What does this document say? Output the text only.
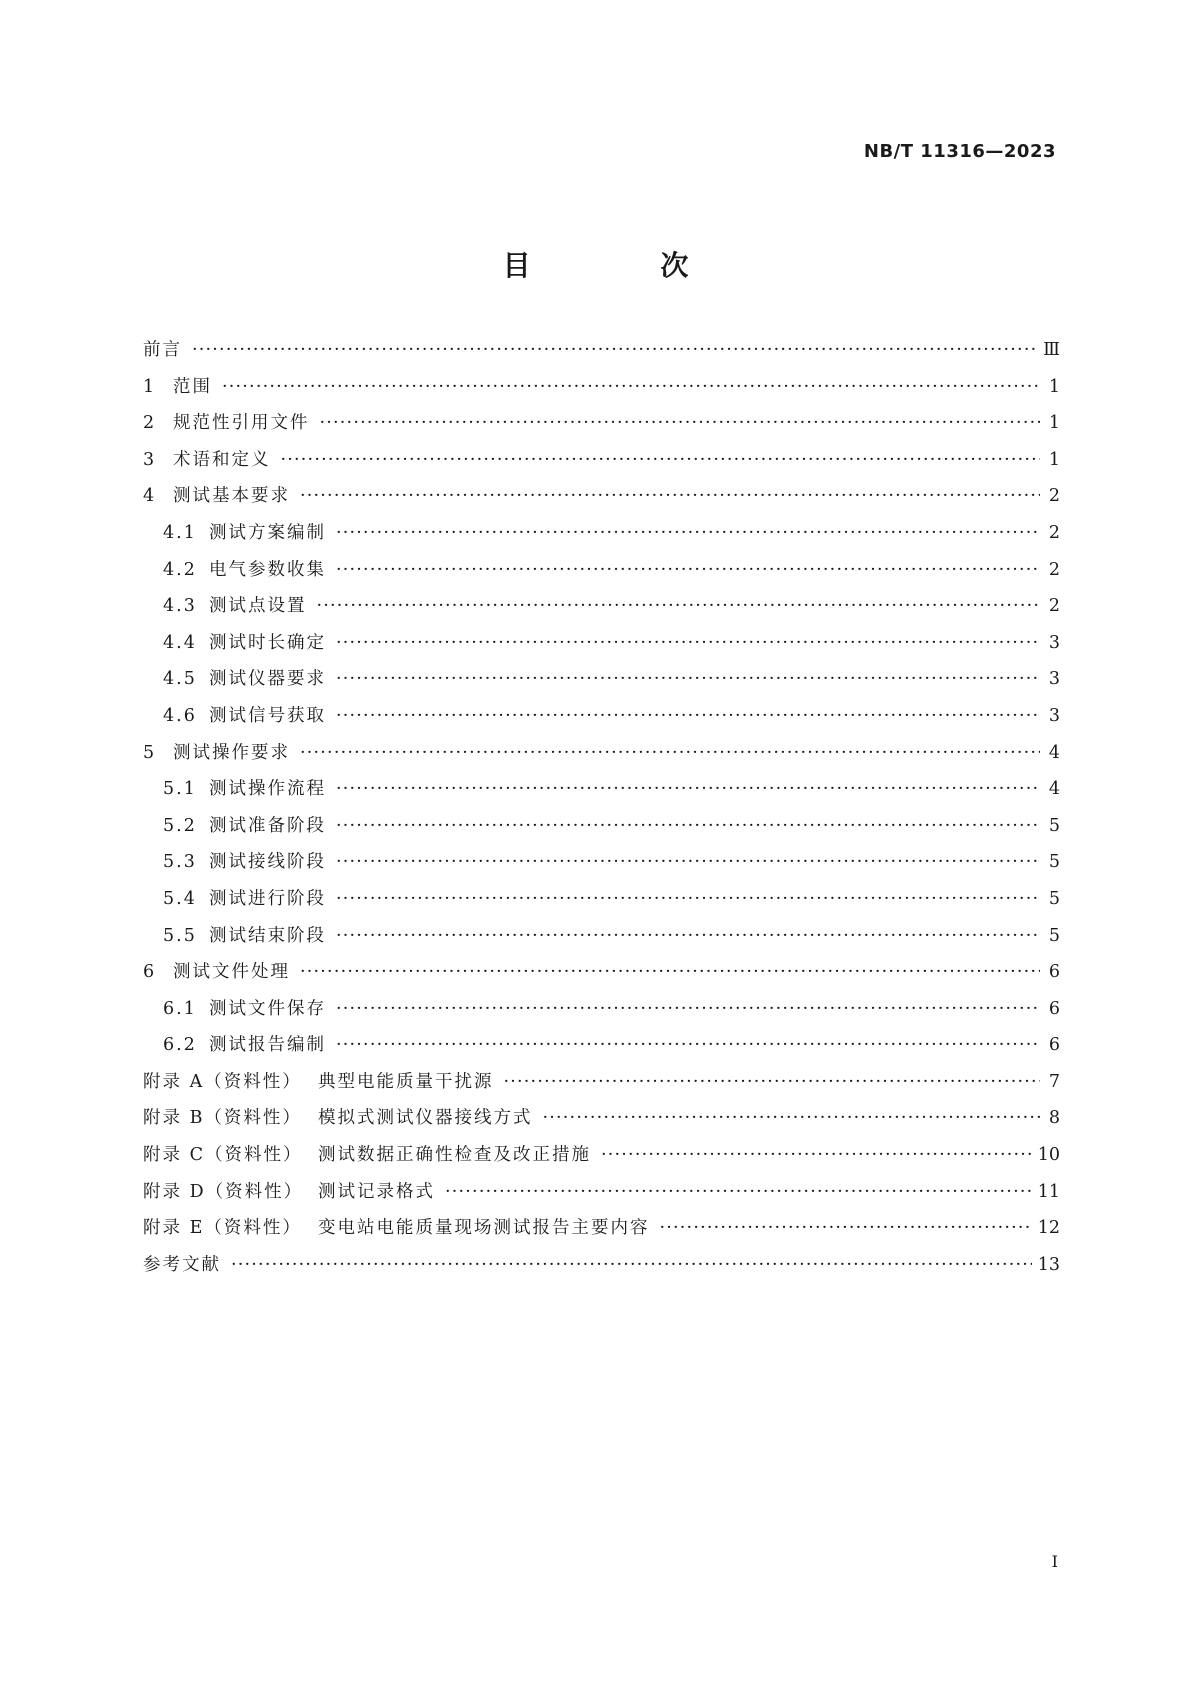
NB/T 11316—2023
目 次
前言 ·····	Ⅲ
1 范围 ·····	1
2 规范性引用文件 ·····	1
3 术语和定义 ·····	1
4 测试基本要求 ·····	2
4.1 测试方案编制 ·····	2
4.2 电气参数收集 ·····	2
4.3 测试点设置 ·····	2
4.4 测试时长确定 ·····	3
4.5 测试仪器要求 ·····	3
4.6 测试信号获取 ·····	3
5 测试操作要求 ·····	4
5.1 测试操作流程 ·····	4
5.2 测试准备阶段 ·····	5
5.3 测试接线阶段 ·····	5
5.4 测试进行阶段 ·····	5
5.5 测试结束阶段 ·····	5
6 测试文件处理 ·····	6
6.1 测试文件保存 ·····	6
6.2 测试报告编制 ·····	6
附录 A（资料性） 典型电能质量干扰源 ·····	7
附录 B（资料性） 模拟式测试仪器接线方式 ·····	8
附录 C（资料性） 测试数据正确性检查及改正措施 ·····	10
附录 D（资料性） 测试记录格式 ·····	11
附录 E（资料性） 变电站电能质量现场测试报告主要内容 ·····	12
参考文献 ·····	13
I
